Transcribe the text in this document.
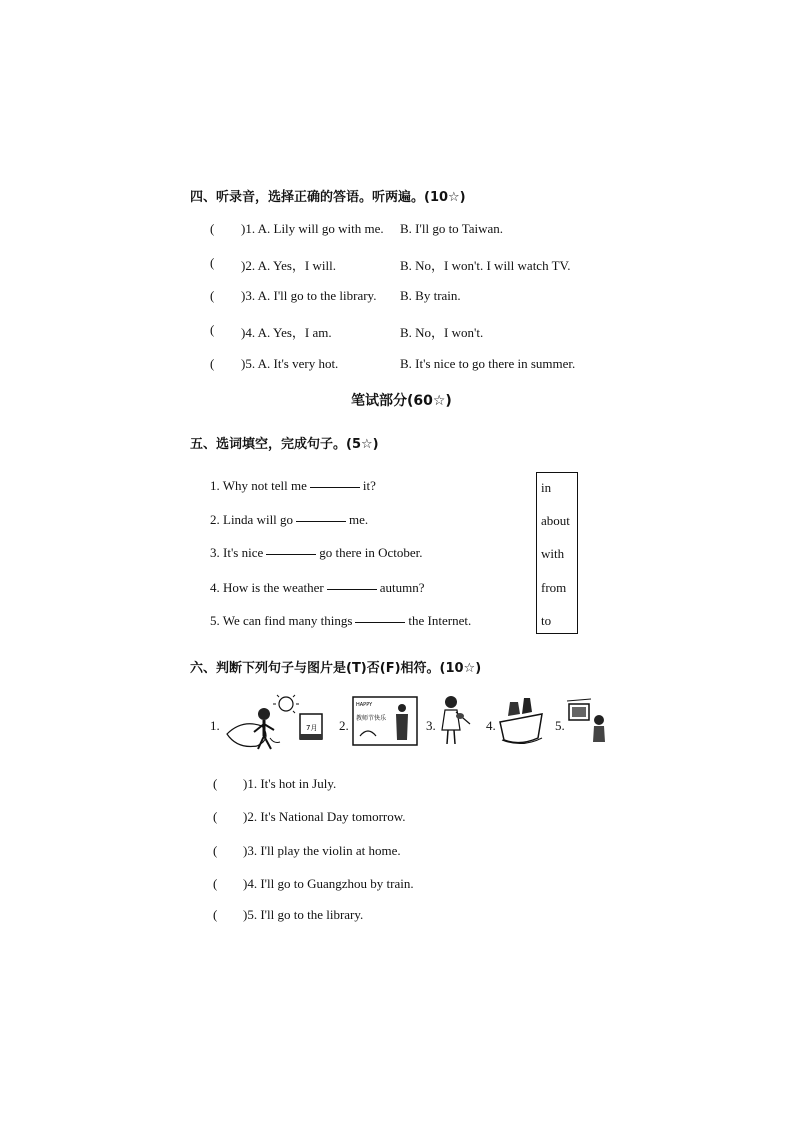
四、听录音，选择正确的答语。听两遍。(10☆)
( )1. A. Lily will go with me. B. I'll go to Taiwan.
( )2. A. Yes，I will.	B. No，I won't. I will watch TV.
( )3. A. I'll go to the library. B. By train.
( )4. A. Yes，I am.	B. No，I won't.
( )5. A. It's very hot.	B. It's nice to go there in summer.
笔试部分(60☆)
五、选词填空，完成句子。(5☆)
1. Why not tell me	it?
2. Linda will go	me.
3. It's nice	go there in October.
4. How is the weather	autumn?
5. We can find many things	the Internet.
in
about
with
from
to
六、判断下列句子与图片是(T)否(F)相符。(10☆)
1.	7月 2.
HAPPY
教师节快乐	3.	4.	5.
( )1. It's hot in July.
( )2. It's National Day tomorrow.
( )3. I'll play the violin at home.
( )4. I'll go to Guangzhou by train.
( )5. I'll go to the library.
